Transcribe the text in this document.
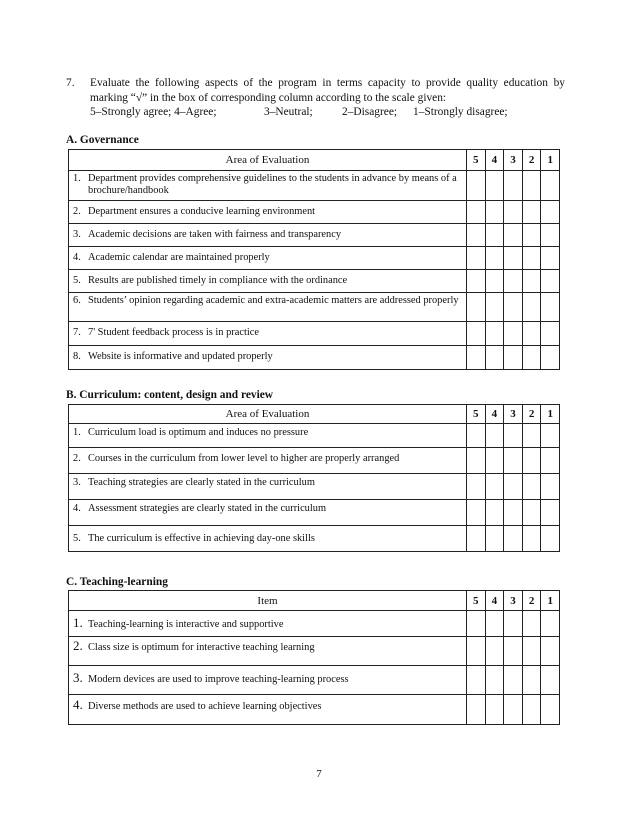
7. Evaluate the following aspects of the program in terms capacity to provide quality education by marking “√” in the box of corresponding column according to the scale given:
5–Strongly agree; 4–Agree;	3–Neutral;	2–Disagree; 1–Strongly disagree;
A. Governance
Area of Evaluation	5	4	3	2	1

1. Department provides comprehensive guidelines to the students in advance by means of a brochure/handbook					

2. Department ensures a conducive learning environment					
3. Academic decisions are taken with fairness and transparency					
4. Academic calendar are maintained properly					
5. Results are published timely in compliance with the ordinance					

6. Students’ opinion regarding academic and extra-academic matters are addressed properly					

7. 7' Student feedback process is in practice					
8. Website is informative and updated properly					
B. Curriculum: content, design and review
Area of Evaluation	5	4	3	2	1
1. Curriculum load is optimum and induces no pressure					
2. Courses in the curriculum from lower level to higher are properly arranged					
3. Teaching strategies are clearly stated in the curriculum					
4. Assessment strategies are clearly stated in the curriculum					
5. The curriculum is effective in achieving day-one skills					
C. Teaching-learning
Item	5	4	3	2	1
1. Teaching-learning is interactive and supportive					
2. Class size is optimum for interactive teaching learning					
3. Modern devices are used to improve teaching-learning process					
4. Diverse methods are used to achieve learning objectives					
7
